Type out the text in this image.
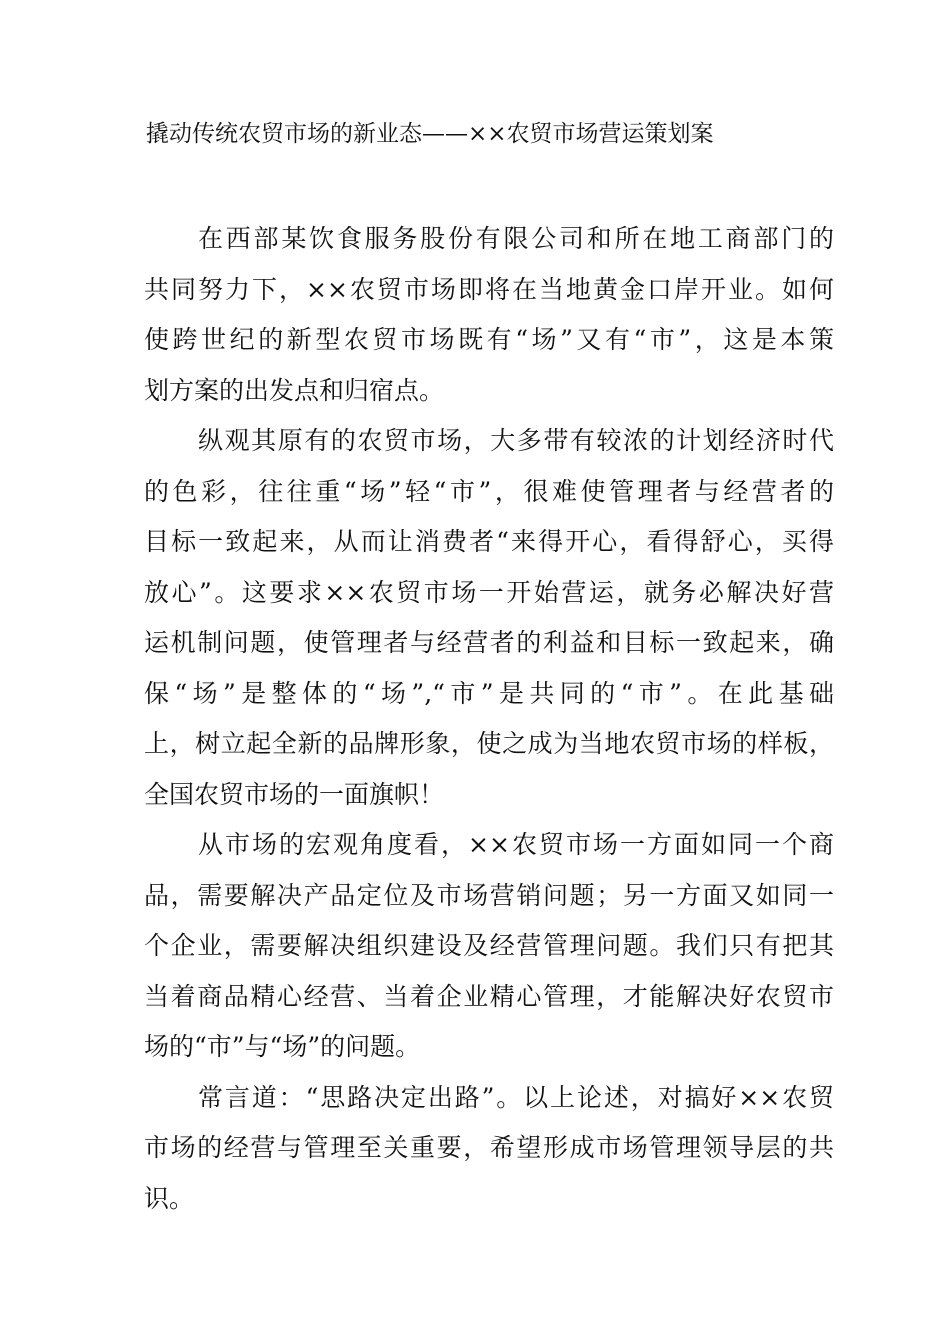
撬动传统农贸市场的新业态——××农贸市场营运策划案

在西部某饮食服务股份有限公司和所在地工商部门的
共同努力下，××农贸市场即将在当地黄金口岸开业。如何
使跨世纪的新型农贸市场既有“场”又有“市”，这是本策
划方案的出发点和归宿点。

纵观其原有的农贸市场，大多带有较浓的计划经济时代
的色彩，往往重“场”轻“市”，很难使管理者与经营者的
目标一致起来，从而让消费者“来得开心，看得舒心，买得
放心”。这要求××农贸市场一开始营运，就务必解决好营
运机制问题，使管理者与经营者的利益和目标一致起来，确
保“场”是整体的“场”,“市”是共同的“市”。在此基础
上，树立起全新的品牌形象，使之成为当地农贸市场的样板，
全国农贸市场的一面旗帜！

从市场的宏观角度看，××农贸市场一方面如同一个商
品，需要解决产品定位及市场营销问题；另一方面又如同一
个企业，需要解决组织建设及经营管理问题。我们只有把其
当着商品精心经营、当着企业精心管理，才能解决好农贸市
场的“市”与“场”的问题。

常言道：“思路决定出路”。以上论述，对搞好××农贸
市场的经营与管理至关重要，希望形成市场管理领导层的共
识。
